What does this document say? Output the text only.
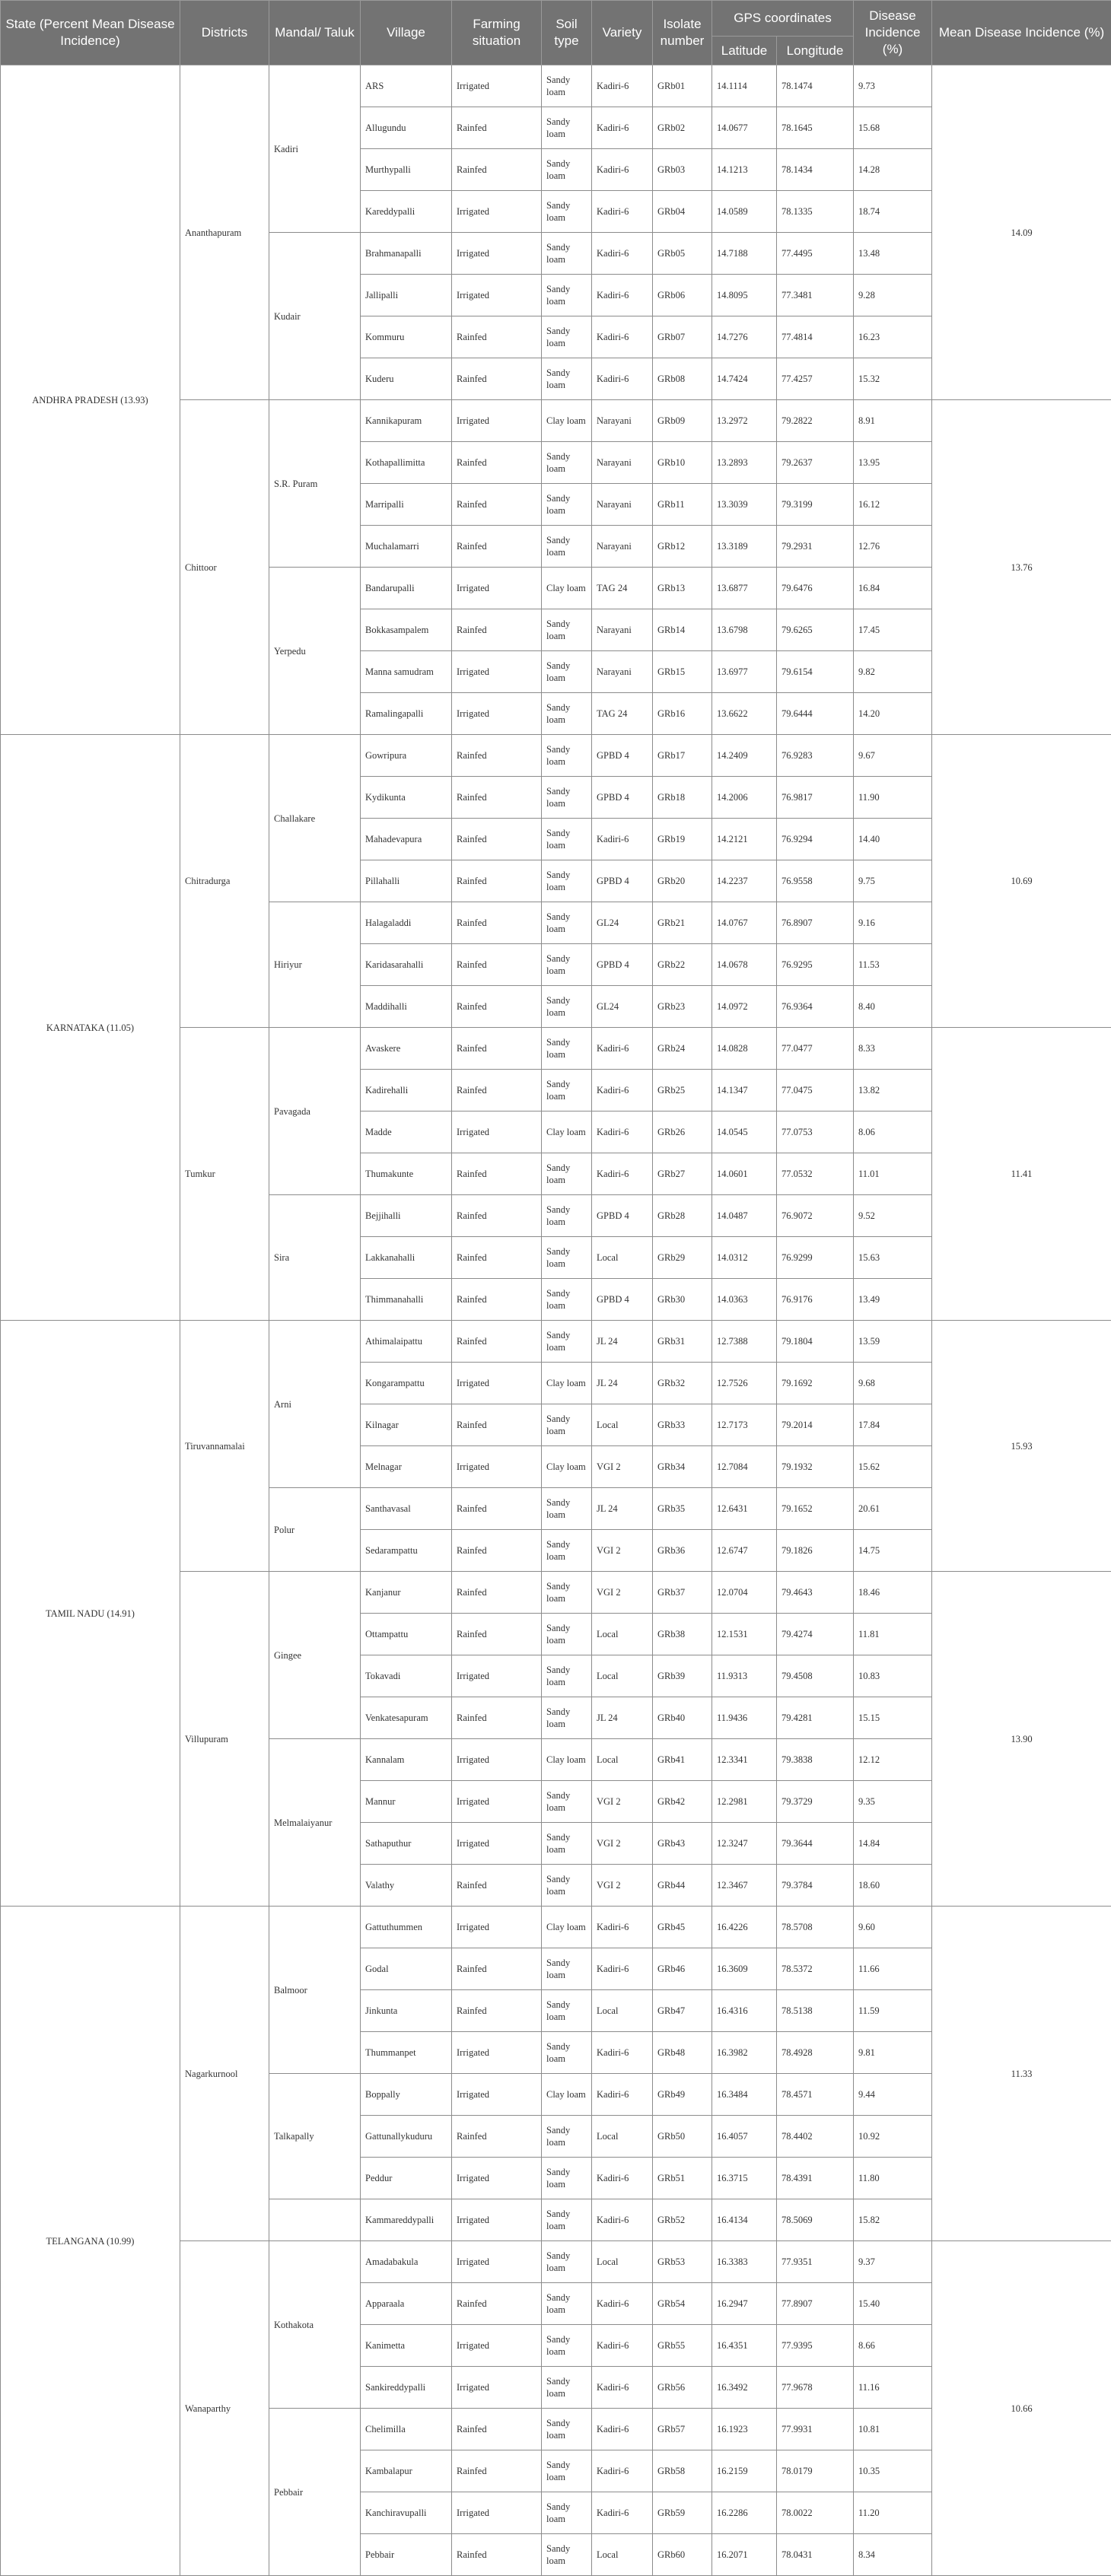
State (Percent Mean Disease Incidence)	Districts	Mandal/ Taluk	Village	Farming situation	Soil type	Variety	Isolate number	GPS coordinates		Disease Incidence (%)	Mean Disease Incidence (%)
								Latitude	Longitude		
ANDHRA PRADESH (13.93)	Ananthapuram	Kadiri	ARS	Irrigated	Sandy loam	Kadiri-6	GRb01	14.1114	78.1474	9.73	14.09
			Allugundu	Rainfed	Sandy loam	Kadiri-6	GRb02	14.0677	78.1645	15.68	
			Murthypalli	Rainfed	Sandy loam	Kadiri-6	GRb03	14.1213	78.1434	14.28	
			Kareddypalli	Irrigated	Sandy loam	Kadiri-6	GRb04	14.0589	78.1335	18.74	
		Kudair	Brahmanapalli	Irrigated	Sandy loam	Kadiri-6	GRb05	14.7188	77.4495	13.48	
			Jallipalli	Irrigated	Sandy loam	Kadiri-6	GRb06	14.8095	77.3481	9.28	
			Kommuru	Rainfed	Sandy loam	Kadiri-6	GRb07	14.7276	77.4814	16.23	
			Kuderu	Rainfed	Sandy loam	Kadiri-6	GRb08	14.7424	77.4257	15.32	
	Chittoor	S.R. Puram	Kannikapuram	Irrigated	Clay loam	Narayani	GRb09	13.2972	79.2822	8.91	13.76
			Kothapallimitta	Rainfed	Sandy loam	Narayani	GRb10	13.2893	79.2637	13.95	
			Marripalli	Rainfed	Sandy loam	Narayani	GRb11	13.3039	79.3199	16.12	
			Muchalamarri	Rainfed	Sandy loam	Narayani	GRb12	13.3189	79.2931	12.76	
		Yerpedu	Bandarupalli	Irrigated	Clay loam	TAG 24	GRb13	13.6877	79.6476	16.84	
			Bokkasampalem	Rainfed	Sandy loam	Narayani	GRb14	13.6798	79.6265	17.45	
			Manna samudram	Irrigated	Sandy loam	Narayani	GRb15	13.6977	79.6154	9.82	
			Ramalingapalli	Irrigated	Sandy loam	TAG 24	GRb16	13.6622	79.6444	14.20	
KARNATAKA (11.05)	Chitradurga	Challakare	Gowripura	Rainfed	Sandy loam	GPBD 4	GRb17	14.2409	76.9283	9.67	10.69
			Kydikunta	Rainfed	Sandy loam	GPBD 4	GRb18	14.2006	76.9817	11.90	
			Mahadevapura	Rainfed	Sandy loam	Kadiri-6	GRb19	14.2121	76.9294	14.40	
			Pillahalli	Rainfed	Sandy loam	GPBD 4	GRb20	14.2237	76.9558	9.75	
		Hiriyur	Halagaladdi	Rainfed	Sandy loam	GL24	GRb21	14.0767	76.8907	9.16	
			Karidasarahalli	Rainfed	Sandy loam	GPBD 4	GRb22	14.0678	76.9295	11.53	
			Maddihalli	Rainfed	Sandy loam	GL24	GRb23	14.0972	76.9364	8.40	
	Tumkur	Pavagada	Avaskere	Rainfed	Sandy loam	Kadiri-6	GRb24	14.0828	77.0477	8.33	11.41
			Kadirehalli	Rainfed	Sandy loam	Kadiri-6	GRb25	14.1347	77.0475	13.82	
			Madde	Irrigated	Clay loam	Kadiri-6	GRb26	14.0545	77.0753	8.06	
			Thumakunte	Rainfed	Sandy loam	Kadiri-6	GRb27	14.0601	77.0532	11.01	
		Sira	Bejjihalli	Rainfed	Sandy loam	GPBD 4	GRb28	14.0487	76.9072	9.52	
			Lakkanahalli	Rainfed	Sandy loam	Local	GRb29	14.0312	76.9299	15.63	
			Thimmanahalli	Rainfed	Sandy loam	GPBD 4	GRb30	14.0363	76.9176	13.49	
TAMIL NADU (14.91)	Tiruvannamalai	Arni	Athimalaipattu	Rainfed	Sandy loam	JL 24	GRb31	12.7388	79.1804	13.59	15.93
			Kongarampattu	Irrigated	Clay loam	JL 24	GRb32	12.7526	79.1692	9.68	
			Kilnagar	Rainfed	Sandy loam	Local	GRb33	12.7173	79.2014	17.84	
			Melnagar	Irrigated	Clay loam	VGI 2	GRb34	12.7084	79.1932	15.62	
		Polur	Santhavasal	Rainfed	Sandy loam	JL 24	GRb35	12.6431	79.1652	20.61	
			Sedarampattu	Rainfed	Sandy loam	VGI 2	GRb36	12.6747	79.1826	14.75	
	Villupuram	Gingee	Kanjanur	Rainfed	Sandy loam	VGI 2	GRb37	12.0704	79.4643	18.46	13.90
			Ottampattu	Rainfed	Sandy loam	Local	GRb38	12.1531	79.4274	11.81	
			Tokavadi	Irrigated	Sandy loam	Local	GRb39	11.9313	79.4508	10.83	
			Venkatesapuram	Rainfed	Sandy loam	JL 24	GRb40	11.9436	79.4281	15.15	
		Melmalaiyanur	Kannalam	Irrigated	Clay loam	Local	GRb41	12.3341	79.3838	12.12	
			Mannur	Irrigated	Sandy loam	VGI 2	GRb42	12.2981	79.3729	9.35	
			Sathaputhur	Irrigated	Sandy loam	VGI 2	GRb43	12.3247	79.3644	14.84	
			Valathy	Rainfed	Sandy loam	VGI 2	GRb44	12.3467	79.3784	18.60	
TELANGANA (10.99)	Nagarkurnool	Balmoor	Gattuthummen	Irrigated	Clay loam	Kadiri-6	GRb45	16.4226	78.5708	9.60	11.33
			Godal	Rainfed	Sandy loam	Kadiri-6	GRb46	16.3609	78.5372	11.66	
			Jinkunta	Rainfed	Sandy loam	Local	GRb47	16.4316	78.5138	11.59	
			Thummanpet	Irrigated	Sandy loam	Kadiri-6	GRb48	16.3982	78.4928	9.81	
		Talkapally	Boppally	Irrigated	Clay loam	Kadiri-6	GRb49	16.3484	78.4571	9.44	
			Gattunallykuduru	Rainfed	Sandy loam	Local	GRb50	16.4057	78.4402	10.92	
			Peddur	Irrigated	Sandy loam	Kadiri-6	GRb51	16.3715	78.4391	11.80	
			Kammareddypalli	Irrigated	Sandy loam	Kadiri-6	GRb52	16.4134	78.5069	15.82	
	Wanaparthy	Kothakota	Amadabakula	Irrigated	Sandy loam	Local	GRb53	16.3383	77.9351	9.37	10.66
			Apparaala	Rainfed	Sandy loam	Kadiri-6	GRb54	16.2947	77.8907	15.40	
			Kanimetta	Irrigated	Sandy loam	Kadiri-6	GRb55	16.4351	77.9395	8.66	
			Sankireddypalli	Irrigated	Sandy loam	Kadiri-6	GRb56	16.3492	77.9678	11.16	
		Pebbair	Chelimilla	Rainfed	Sandy loam	Kadiri-6	GRb57	16.1923	77.9931	10.81	
			Kambalapur	Rainfed	Sandy loam	Kadiri-6	GRb58	16.2159	78.0179	10.35	
			Kanchiravupalli	Irrigated	Sandy loam	Kadiri-6	GRb59	16.2286	78.0022	11.20	
			Pebbair	Rainfed	Sandy loam	Local	GRb60	16.2071	78.0431	8.34	
